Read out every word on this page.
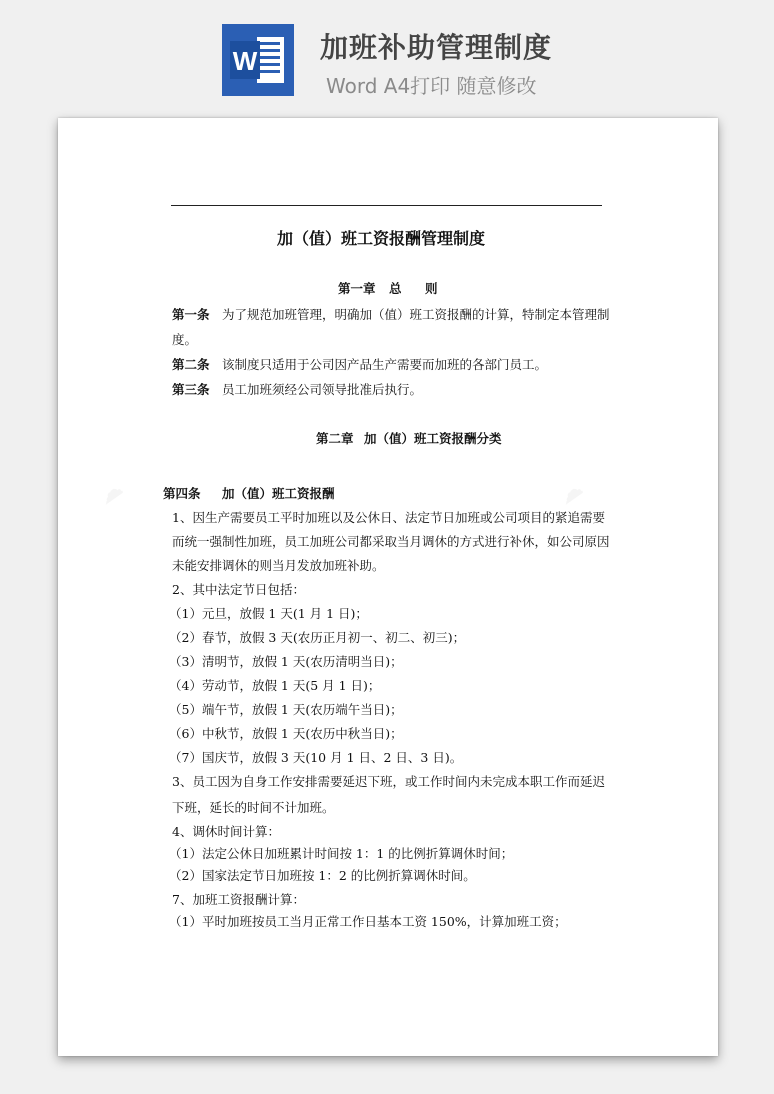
W 加班补助管理制度
Word A4打印 随意修改
☁	☁
加（值）班工资报酬管理制度
第一章 总 则
第一条 为了规范加班管理，明确加（值）班工资报酬的计算，特制定本管理制
度。
第二条 该制度只适用于公司因产品生产需要而加班的各部门员工。
第三条 员工加班须经公司领导批准后执行。
第二章 加（值）班工资报酬分类
第四条 加（值）班工资报酬
1、因生产需要员工平时加班以及公休日、法定节日加班或公司项目的紧追需要
而统一强制性加班，员工加班公司都采取当月调休的方式进行补休，如公司原因
未能安排调休的则当月发放加班补助。
2、其中法定节日包括：
（1）元旦，放假 1 天(1 月 1 日)；
（2）春节，放假 3 天(农历正月初一、初二、初三)；
（3）清明节，放假 1 天(农历清明当日)；
（4）劳动节，放假 1 天(5 月 1 日)；
（5）端午节，放假 1 天(农历端午当日)；
（6）中秋节，放假 1 天(农历中秋当日)；
（7）国庆节，放假 3 天(10 月 1 日、2 日、3 日)。
3、员工因为自身工作安排需要延迟下班，或工作时间内未完成本职工作而延迟
下班，延长的时间不计加班。
4、调休时间计算：
（1）法定公休日加班累计时间按 1：1 的比例折算调休时间；
（2）国家法定节日加班按 1：2 的比例折算调休时间。
7、加班工资报酬计算：
（1）平时加班按员工当月正常工作日基本工资 150%，计算加班工资；
